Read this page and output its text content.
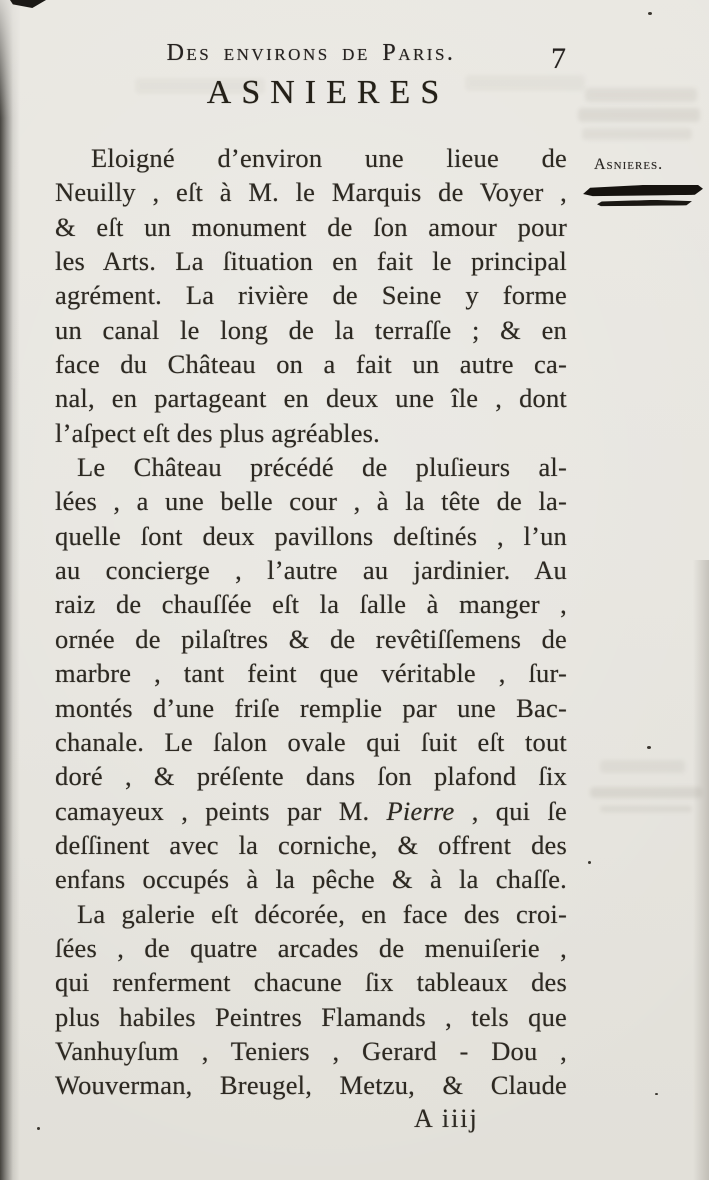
Des environs de Paris.	7
ASNIERES
Asnieres.
Eloigné d’environ une lieue de
Neuilly , eſt à M. le Marquis de Voyer ,
& eſt un monument de ſon amour pour
les Arts. La ſituation en fait le principal
agrément. La rivière de Seine y forme
un canal le long de la terraſſe ; & en
face du Château on a fait un autre ca-
nal, en partageant en deux une île , dont
l’aſpect eſt des plus agréables.
Le Château précédé de pluſieurs al-
lées , a une belle cour , à la tête de la-
quelle ſont deux pavillons deſtinés , l’un
au concierge , l’autre au jardinier. Au
raiz de chauſſée eſt la ſalle à manger ,
ornée de pilaſtres & de revêtiſſemens de
marbre , tant feint que véritable , ſur-
montés d’une friſe remplie par une Bac-
chanale. Le ſalon ovale qui ſuit eſt tout
doré , & préſente dans ſon plafond ſix
camayeux , peints par M. Pierre , qui ſe
deſſinent avec la corniche, & offrent des
enfans occupés à la pêche & à la chaſſe.
La galerie eſt décorée, en face des croi-
ſées , de quatre arcades de menuiſerie ,
qui renferment chacune ſix tableaux des
plus habiles Peintres Flamands , tels que
Vanhuyſum , Teniers , Gerard - Dou ,
Wouverman, Breugel, Metzu, & Claude
A iiij
